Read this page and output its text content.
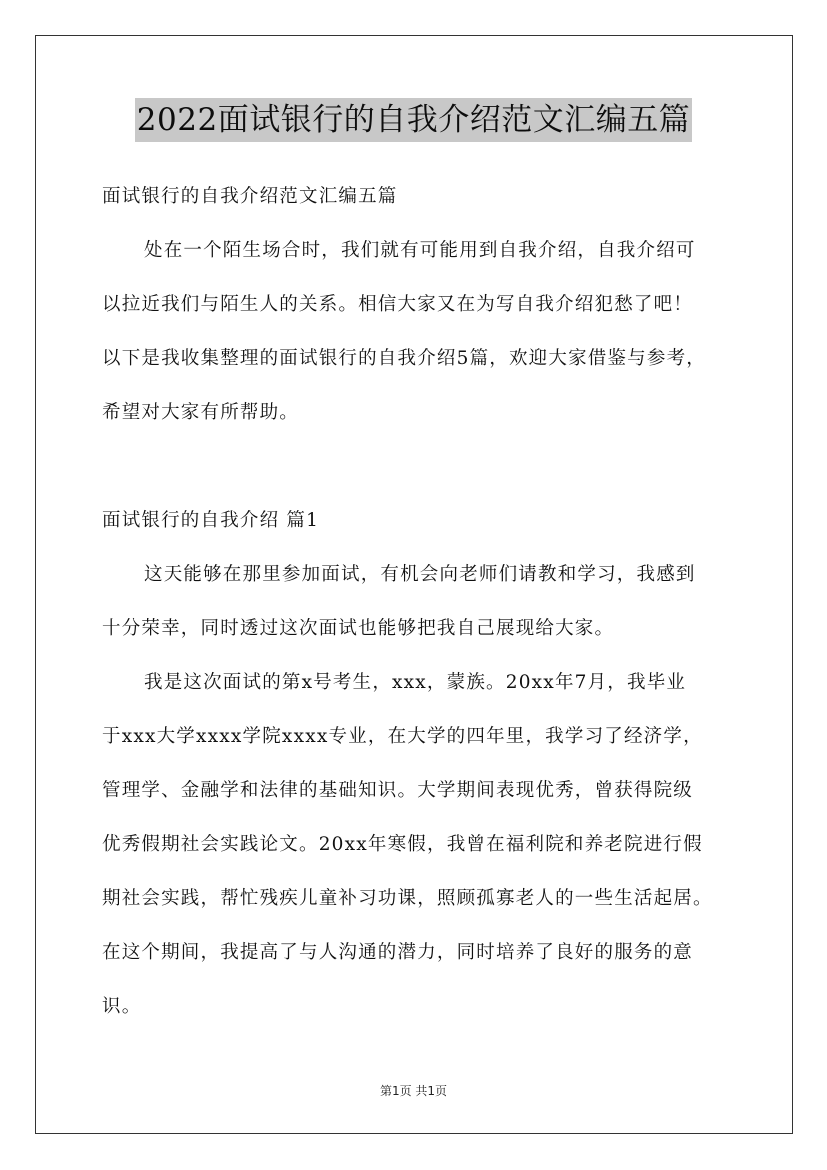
2022面试银行的自我介绍范文汇编五篇
面试银行的自我介绍范文汇编五篇
处在一个陌生场合时，我们就有可能用到自我介绍，自我介绍可
以拉近我们与陌生人的关系。相信大家又在为写自我介绍犯愁了吧！
以下是我收集整理的面试银行的自我介绍5篇，欢迎大家借鉴与参考，
希望对大家有所帮助。
面试银行的自我介绍 篇1
这天能够在那里参加面试，有机会向老师们请教和学习，我感到
十分荣幸，同时透过这次面试也能够把我自己展现给大家。
我是这次面试的第x号考生，xxx，蒙族。20xx年7月，我毕业
于xxx大学xxxx学院xxxx专业，在大学的四年里，我学习了经济学，
管理学、金融学和法律的基础知识。大学期间表现优秀，曾获得院级
优秀假期社会实践论文。20xx年寒假，我曾在福利院和养老院进行假
期社会实践，帮忙残疾儿童补习功课，照顾孤寡老人的一些生活起居。
在这个期间，我提高了与人沟通的潜力，同时培养了良好的服务的意
识。
第1页 共1页
